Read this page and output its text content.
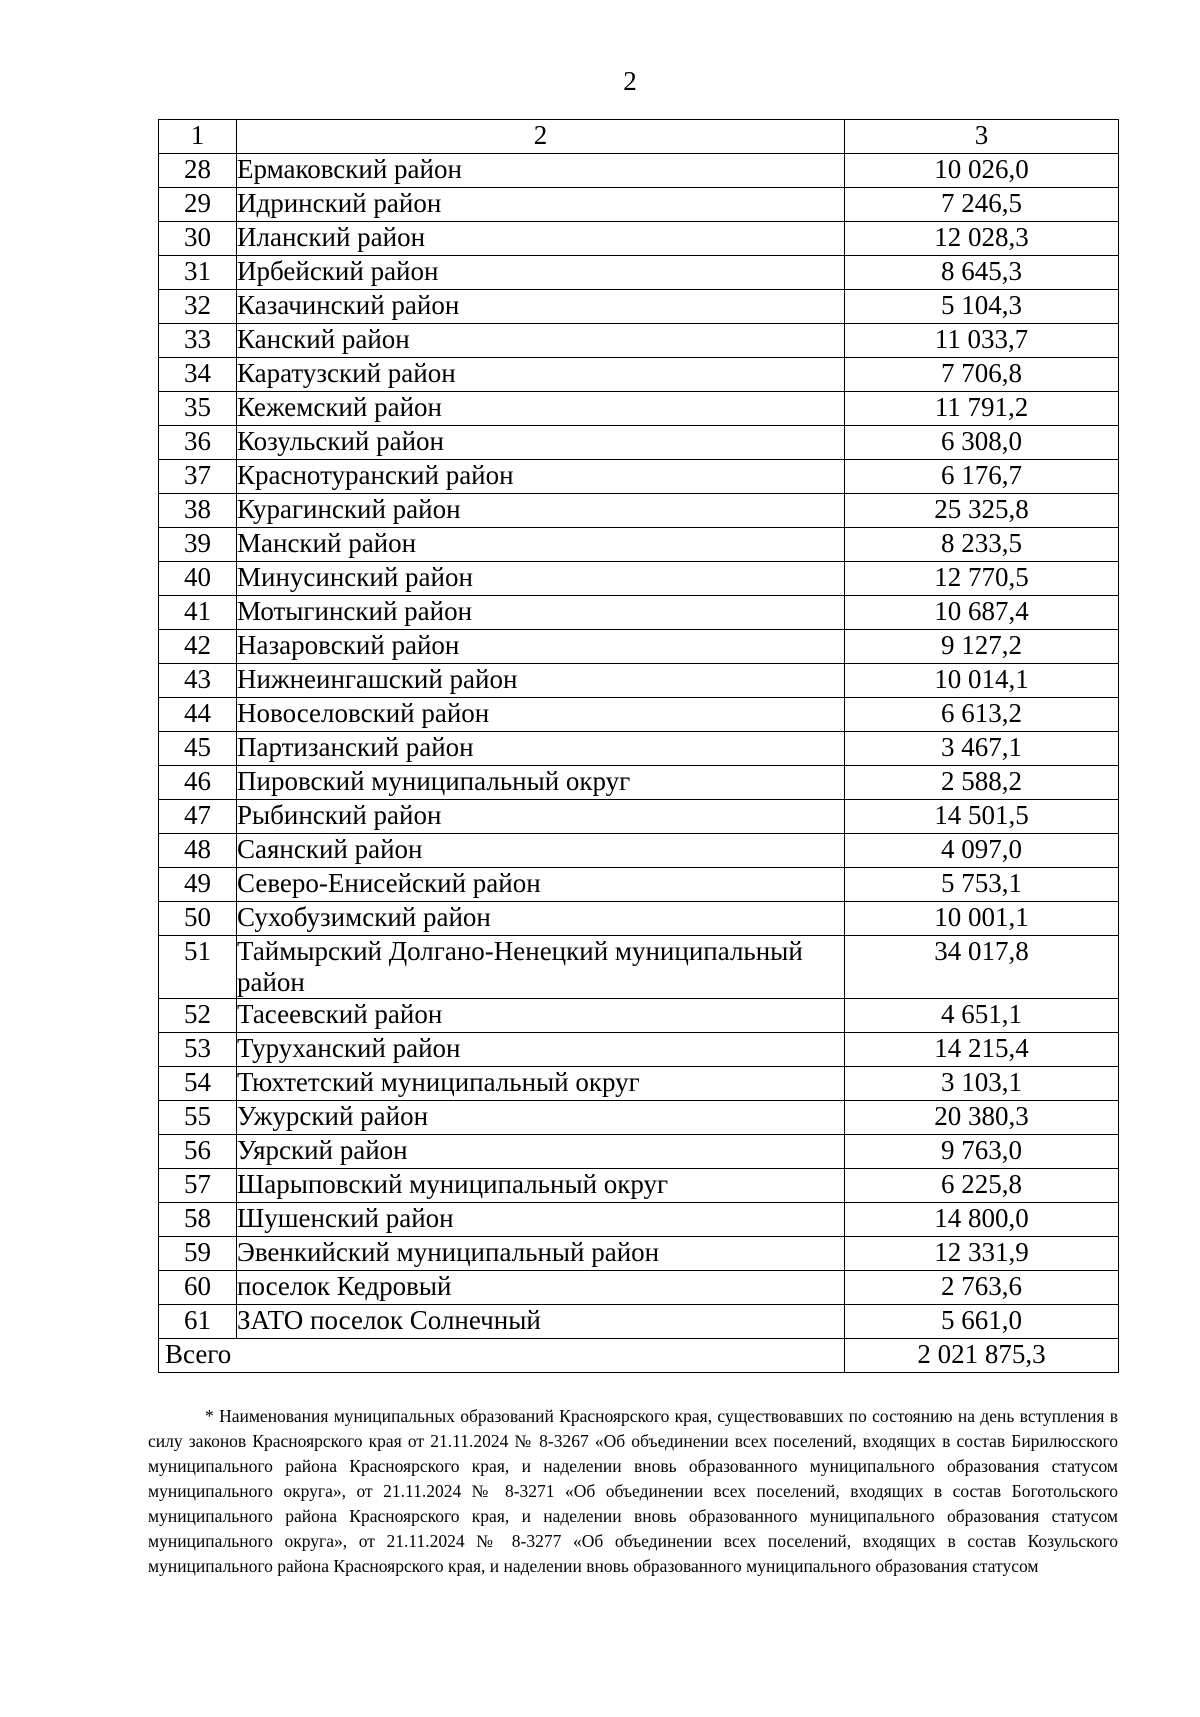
2
1	2	3
28	Ермаковский район	10 026,0
29	Идринский район	7 246,5
30	Иланский район	12 028,3
31	Ирбейский район	8 645,3
32	Казачинский район	5 104,3
33	Канский район	11 033,7
34	Каратузский район	7 706,8
35	Кежемский район	11 791,2
36	Козульский район	6 308,0
37	Краснотуранский район	6 176,7
38	Курагинский район	25 325,8
39	Манский район	8 233,5
40	Минусинский район	12 770,5
41	Мотыгинский район	10 687,4
42	Назаровский район	9 127,2
43	Нижнеингашский район	10 014,1
44	Новоселовский район	6 613,2
45	Партизанский район	3 467,1
46	Пировский муниципальный округ	2 588,2
47	Рыбинский район	14 501,5
48	Саянский район	4 097,0
49	Северо-Енисейский район	5 753,1
50	Сухобузимский район	10 001,1
51	Таймырский Долгано-Ненецкий муниципальный район	34 017,8
52	Тасеевский район	4 651,1
53	Туруханский район	14 215,4
54	Тюхтетский муниципальный округ	3 103,1
55	Ужурский район	20 380,3
56	Уярский район	9 763,0
57	Шарыповский муниципальный округ	6 225,8
58	Шушенский район	14 800,0
59	Эвенкийский муниципальный район	12 331,9
60	поселок Кедровый	2 763,6
61	ЗАТО поселок Солнечный	5 661,0
Всего		2 021 875,3
* Наименования муниципальных образований Красноярского края, существовавших по состоянию на день вступления в силу законов Красноярского края от 21.11.2024 № 8-3267 «Об объединении всех поселений, входящих в состав Бирилюсского муниципального района Красноярского края, и наделении вновь образованного муниципального образования статусом муниципального округа», от 21.11.2024 № 8-3271 «Об объединении всех поселений, входящих в состав Боготольского муниципального района Красноярского края, и наделении вновь образованного муниципального образования статусом муниципального округа», от 21.11.2024 № 8-3277 «Об объединении всех поселений, входящих в состав Козульского муниципального района Красноярского края, и наделении вновь образованного муниципального образования статусом
